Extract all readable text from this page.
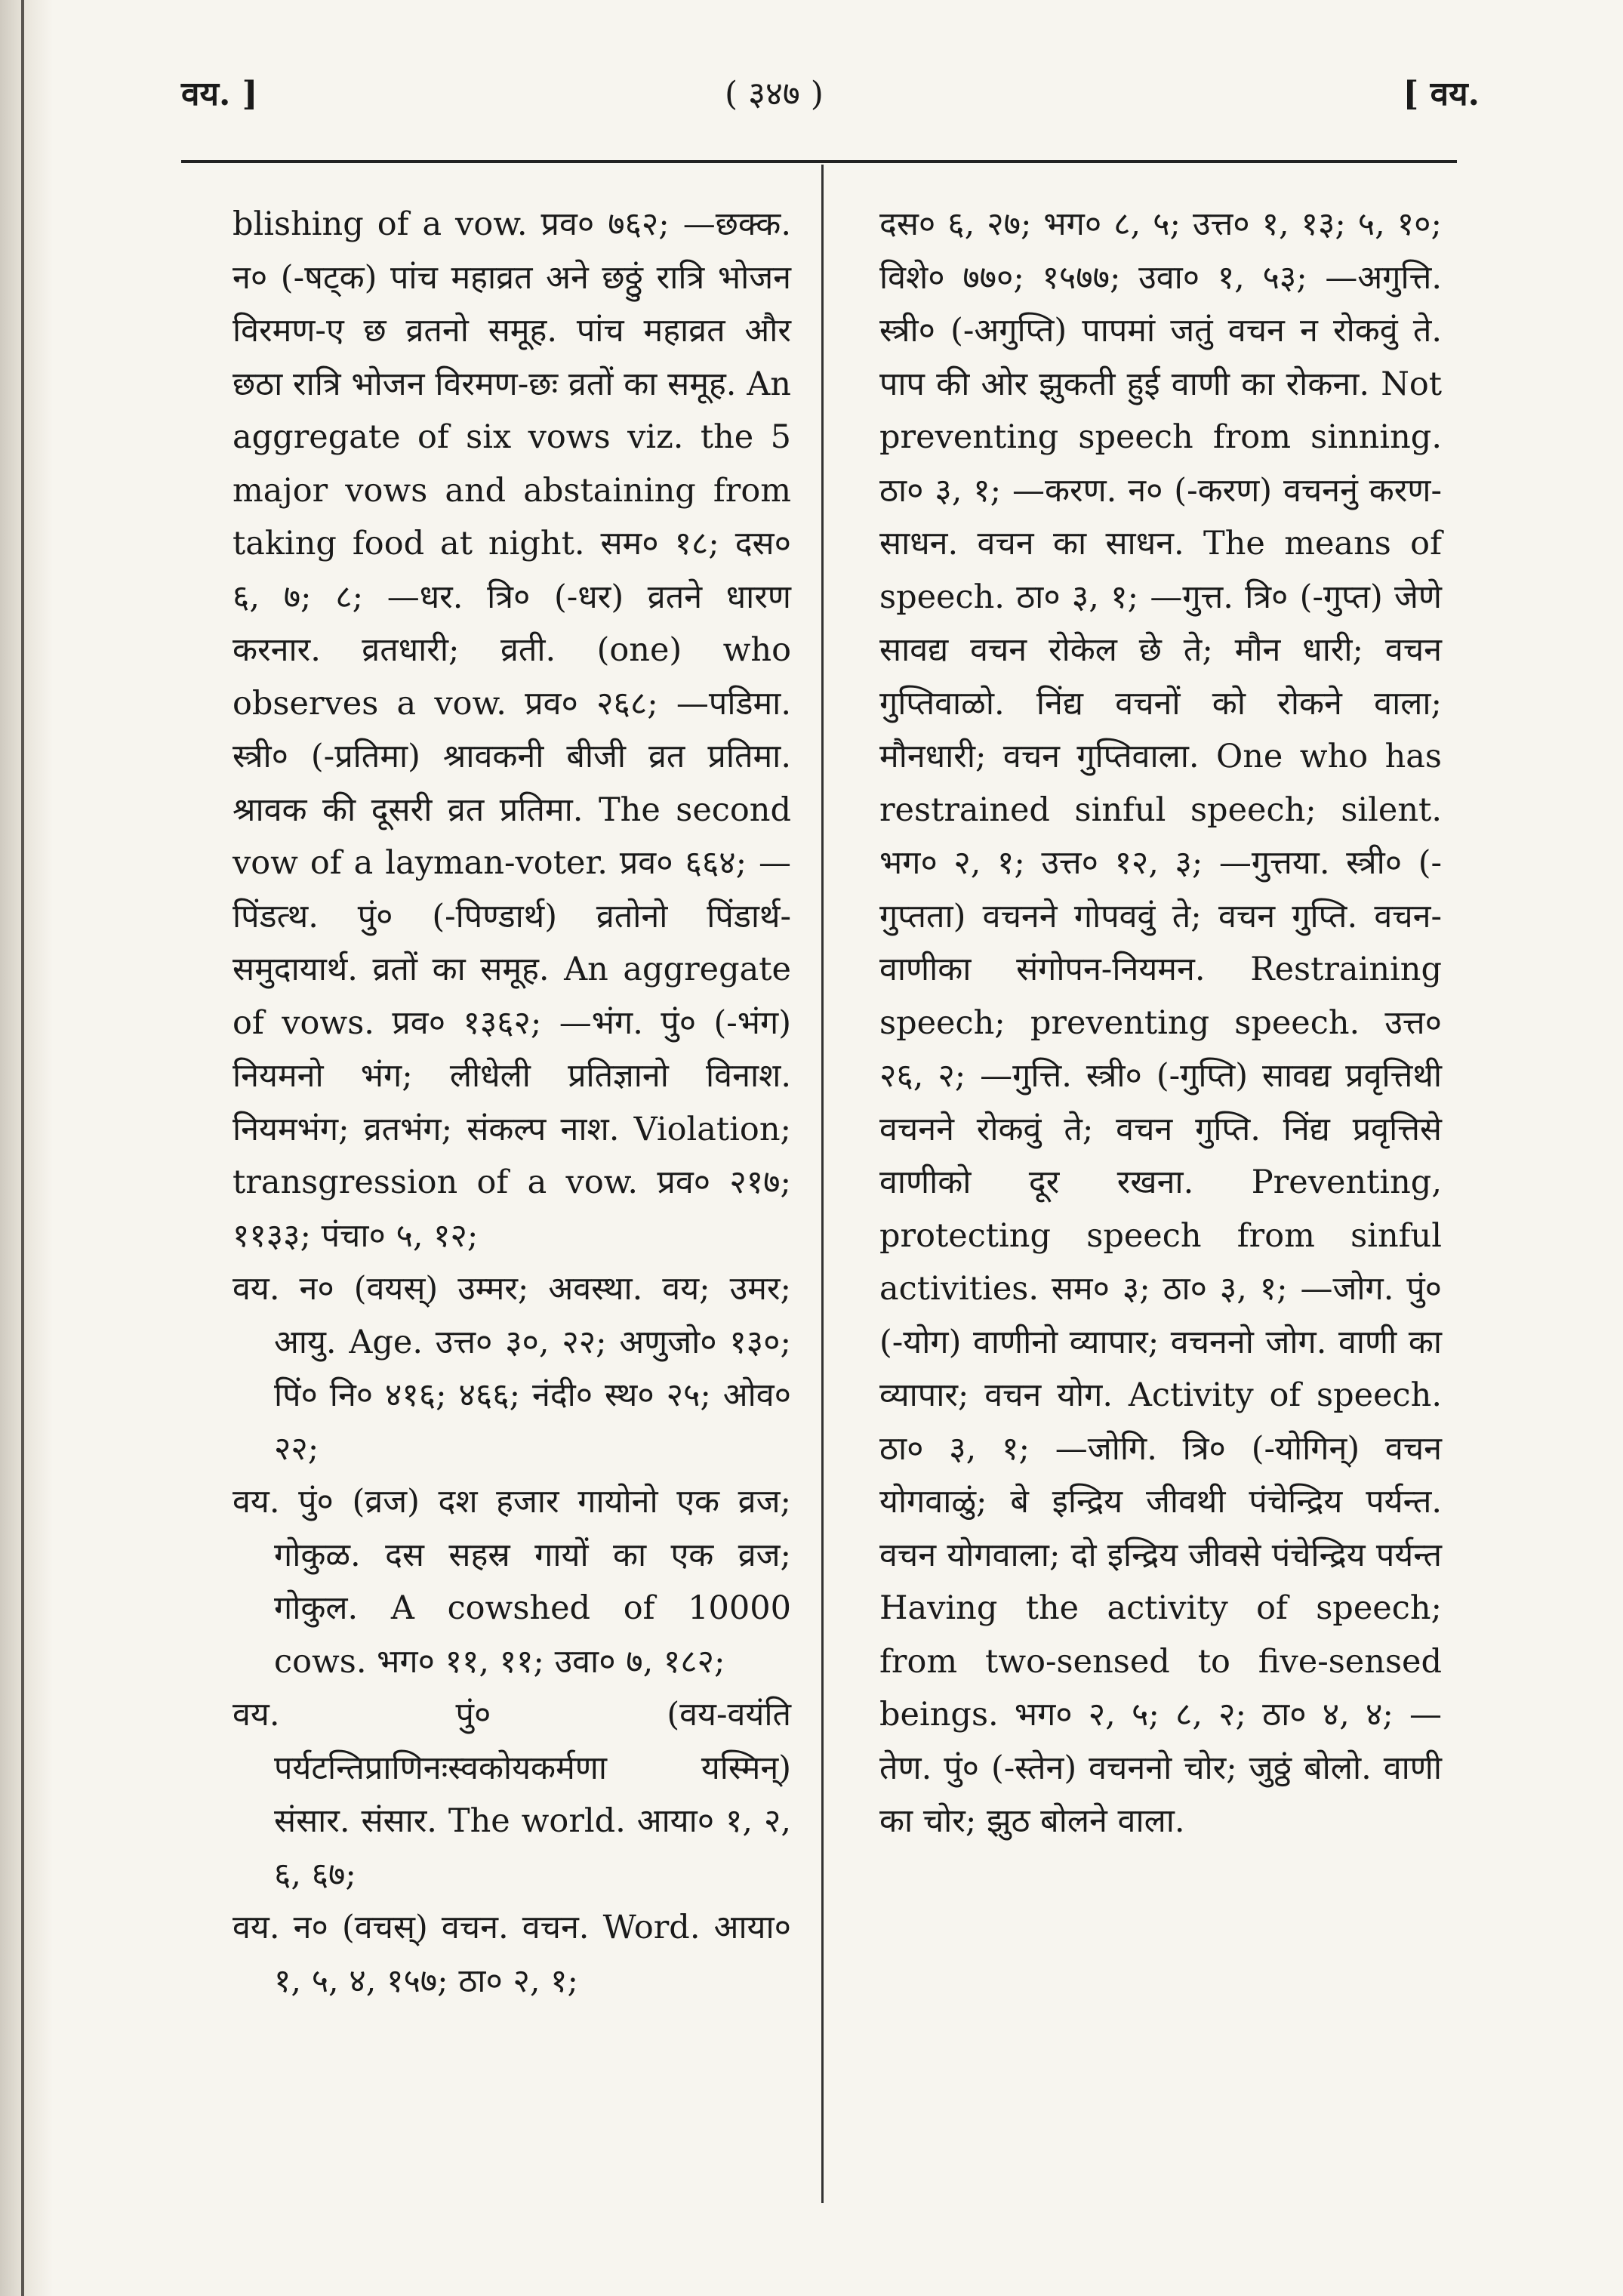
वय. ]	( ३४७ )	[ वय.

blishing of a vow. प्रव० ७६२; —छक्क. न० (-षट्क) पांच महाव्रत अने छठ्ठुं रात्रि भोजन विरमण-ए छ व्रतनो समूह. पांच महाव्रत और छठा रात्रि भोजन विरमण-छः व्रतों का समूह. An aggregate of six vows viz. the 5 major vows and abstaining from taking food at night. सम० १८; दस० ६, ७; ८; —धर. त्रि० (-धर) व्रतने धारण करनार. व्रतधारी; व्रती. (one) who observes a vow. प्रव० २६८; —पडिमा. स्त्री० (-प्रतिमा) श्रावकनी बीजी व्रत प्रतिमा. श्रावक की दूसरी व्रत प्रतिमा. The second vow of a layman-voter. प्रव० ६६४; —पिंडत्थ. पुं० (-पिण्डार्थ) व्रतोनो पिंडार्थ-समुदायार्थ. व्रतों का समूह. An aggregate of vows. प्रव० १३६२; —भंग. पुं० (-भंग) नियमनो भंग; लीधेली प्रतिज्ञानो विनाश. नियमभंग; व्रतभंग; संकल्प नाश. Violation; transgression of a vow. प्रव० २१७; ११३३; पंचा० ५, १२;

वय. न० (वयस्) उम्मर; अवस्था. वय; उमर; आयु. Age. उत्त० ३०, २२; अणुजो० १३०; पिं० नि० ४१६; ४६६; नंदी० स्थ० २५; ओव० २२;

वय. पुं० (व्रज) दश हजार गायोनो एक व्रज; गोकुळ. दस सहस्र गायों का एक व्रज; गोकुल. A cowshed of 10000 cows. भग० ११, ११; उवा० ७, १८२;

वय. पुं० (वय-वयंति पर्यटन्तिप्राणिनःस्वकोयकर्मणा यस्मिन्) संसार. संसार. The world. आया० १, २, ६, ६७;

वय. न० (वचस्) वचन. वचन. Word. आया० १, ५, ४, १५७; ठा० २, १;

दस० ६, २७; भग० ८, ५; उत्त० १, १३; ५, १०; विशे० ७७०; १५७७; उवा० १, ५३; —अगुत्ति. स्त्री० (-अगुप्ति) पापमां जतुं वचन न रोकवुं ते. पाप की ओर झुकती हुई वाणी का रोकना. Not preventing speech from sinning. ठा० ३, १; —करण. न० (-करण) वचननुं करण-साधन. वचन का साधन. The means of speech. ठा० ३, १; —गुत्त. त्रि० (-गुप्त) जेणे सावद्य वचन रोकेल छे ते; मौन धारी; वचन गुप्तिवाळो. निंद्य वचनों को रोकने वाला; मौनधारी; वचन गुप्तिवाला. One who has restrained sinful speech; silent. भग० २, १; उत्त० १२, ३; —गुत्तया. स्त्री० (-गुप्तता) वचनने गोपववुं ते; वचन गुप्ति. वचन-वाणीका संगोपन-नियमन. Restraining speech; preventing speech. उत्त० २६, २; —गुत्ति. स्त्री० (-गुप्ति) सावद्य प्रवृत्तिथी वचनने रोकवुं ते; वचन गुप्ति. निंद्य प्रवृत्तिसे वाणीको दूर रखना. Preventing, protecting speech from sinful activities. सम० ३; ठा० ३, १; —जोग. पुं० (-योग) वाणीनो व्यापार; वचननो जोग. वाणी का व्यापार; वचन योग. Activity of speech. ठा० ३, १; —जोगि. त्रि० (-योगिन्) वचन योगवाळुं; बे इन्द्रिय जीवथी पंचेन्द्रिय पर्यन्त. वचन योगवाला; दो इन्द्रिय जीवसे पंचेन्द्रिय पर्यन्त Having the activity of speech; from two-sensed to five-sensed beings. भग० २, ५; ८, २; ठा० ४, ४; —तेण. पुं० (-स्तेन) वचननो चोर; जुठ्ठं बोलो. वाणी का चोर; झुठ बोलने वाला.
